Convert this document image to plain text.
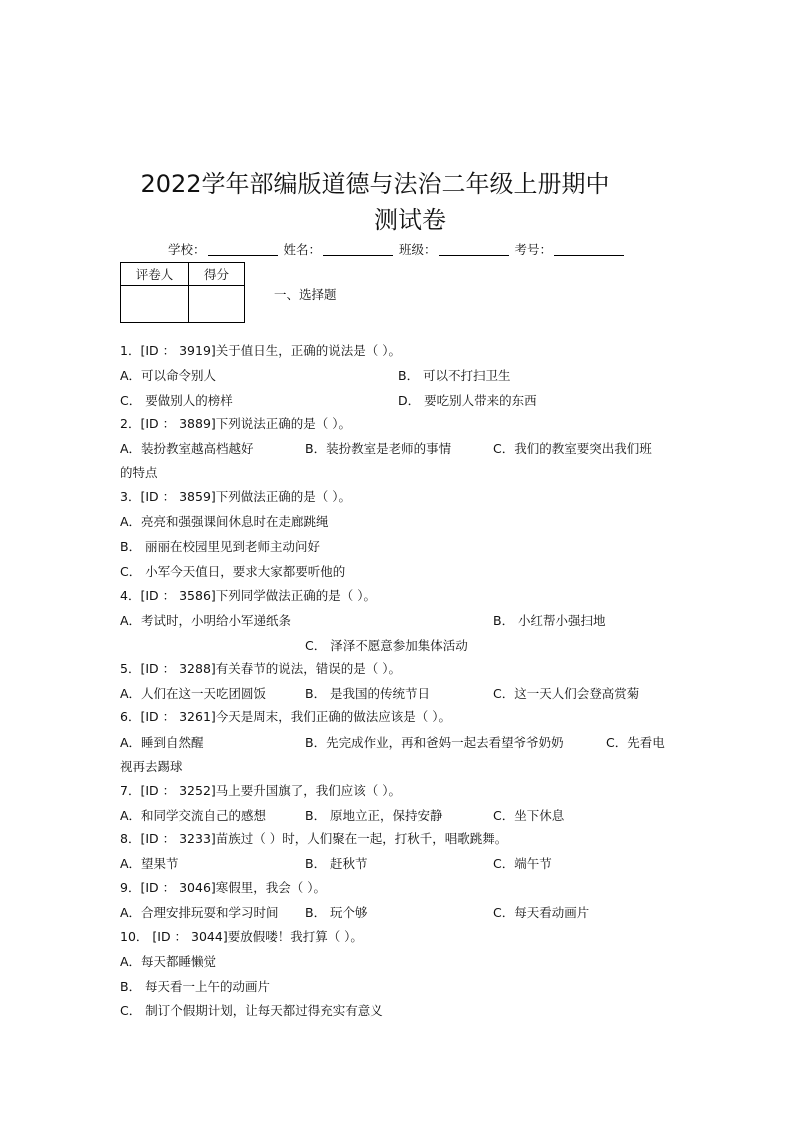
2022学年部编版道德与法治二年级上册期中
测试卷
学校：	姓名：	班级：	考号：
评卷人	得分

一、选择题
1．[ID ： 3919]关于值日生，正确的说法是（ ）。
A．可以命令别人	B． 可以不打扫卫生
C． 要做别人的榜样	D． 要吃别人带来的东西
2．[ID ： 3889]下列说法正确的是（ ）。
A．装扮教室越高档越好	B．装扮教室是老师的事情	C．我们的教室要突出我们班
的特点
3．[ID ： 3859]下列做法正确的是（ ）。
A．亮亮和强强课间休息时在走廊跳绳
B． 丽丽在校园里见到老师主动问好
C． 小军今天值日，要求大家都要听他的
4．[ID ： 3586]下列同学做法正确的是（ ）。
A．考试时，小明给小军递纸条	B． 小红帮小强扫地
C． 泽泽不愿意参加集体活动
5．[ID ： 3288]有关春节的说法，错误的是（ ）。
A．人们在这一天吃团圆饭	B． 是我国的传统节日	C．这一天人们会登高赏菊
6．[ID ： 3261]今天是周末，我们正确的做法应该是（ ）。
A．睡到自然醒	B．先完成作业，再和爸妈一起去看望爷爷奶奶	C．先看电
视再去踢球
7．[ID ： 3252]马上要升国旗了，我们应该（ ）。
A．和同学交流自己的感想	B． 原地立正，保持安静	C．坐下休息
8．[ID ： 3233]苗族过（ ）时，人们聚在一起，打秋千，唱歌跳舞。
A．望果节	B． 赶秋节	C．端午节
9．[ID ： 3046]寒假里，我会（ ）。
A．合理安排玩耍和学习时间 B． 玩个够	C．每天看动画片
10． [ID ： 3044]要放假喽！我打算（ ）。
A．每天都睡懒觉
B． 每天看一上午的动画片
C． 制订个假期计划，让每天都过得充实有意义
